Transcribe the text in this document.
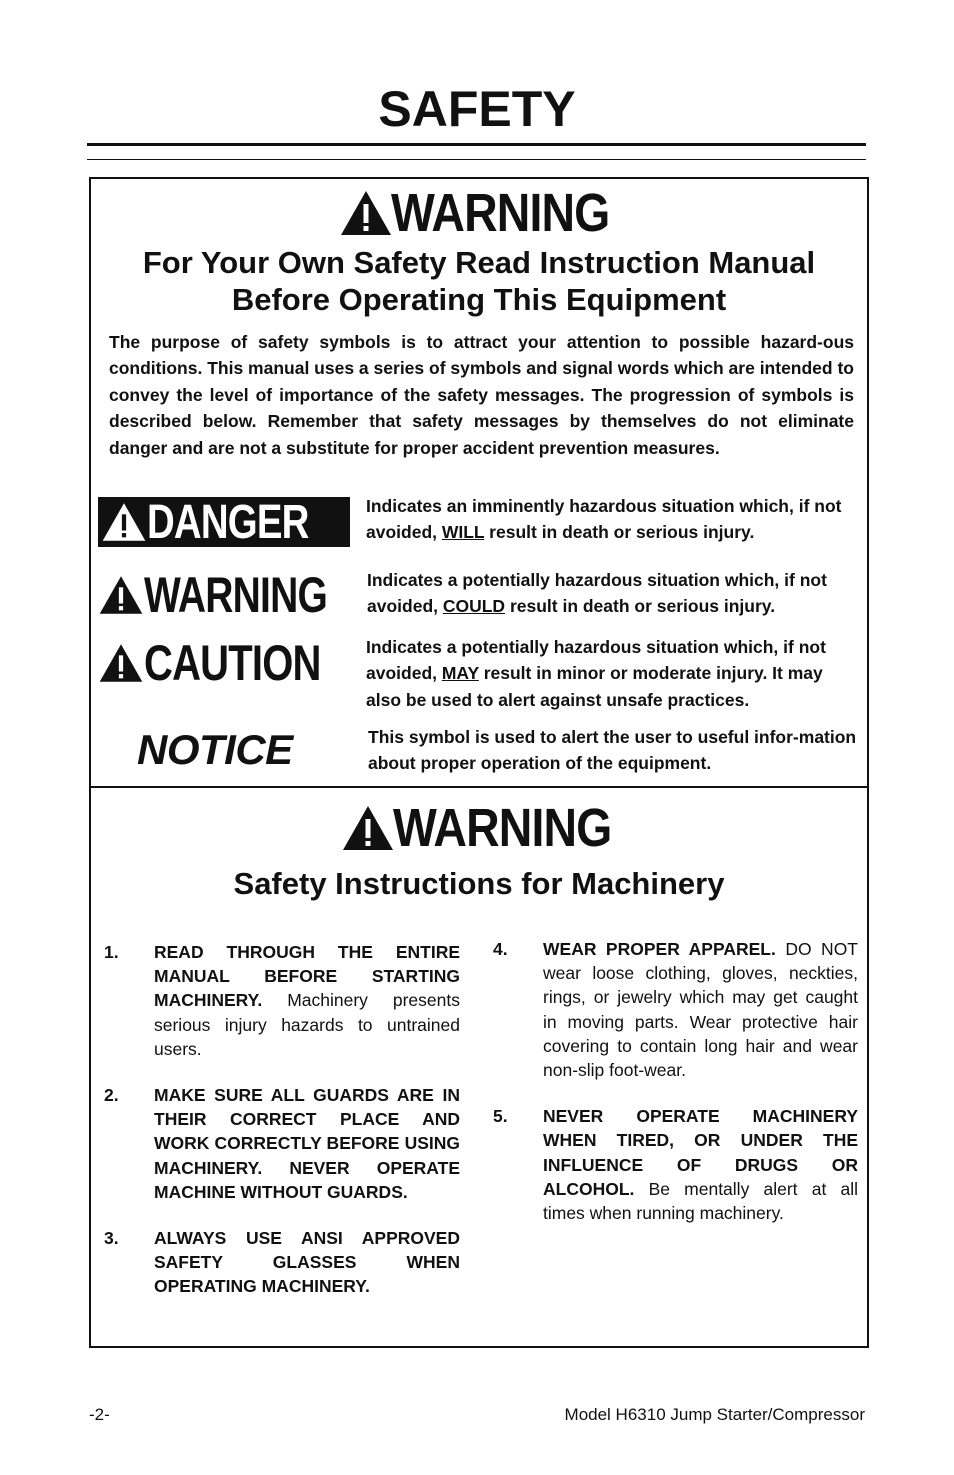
SAFETY
WARNING
For Your Own Safety Read Instruction Manual
Before Operating This Equipment

The purpose of safety symbols is to attract your attention to possible hazard-ous conditions. This manual uses a series of symbols and signal words which are intended to convey the level of importance of the safety messages. The progression of symbols is described below. Remember that safety messages by themselves do not eliminate danger and are not a substitute for proper accident prevention measures.

DANGER	Indicates an imminently hazardous situation which, if not avoided, WILL result in death or serious injury.

WARNING Indicates a potentially hazardous situation which, if not avoided, COULD result in death or serious injury.

CAUTION	Indicates a potentially hazardous situation which, if not avoided, MAY result in minor or moderate injury. It may also be used to alert against unsafe practices.

NOTICE	This symbol is used to alert the user to useful infor-mation about proper operation of the equipment.

WARNING
Safety Instructions for Machinery
1. READ THROUGH THE ENTIRE MANUAL BEFORE STARTING MACHINERY. Machinery presents serious injury hazards to untrained users.
2. MAKE SURE ALL GUARDS ARE IN THEIR CORRECT PLACE AND WORK CORRECTLY BEFORE USING MACHINERY. NEVER OPERATE MACHINE WITHOUT GUARDS.
3. ALWAYS USE ANSI APPROVED SAFETY GLASSES WHEN OPERATING MACHINERY.
4. WEAR PROPER APPAREL. DO NOT wear loose clothing, gloves, neckties, rings, or jewelry which may get caught in moving parts. Wear protective hair covering to contain long hair and wear non-slip foot-wear.
5. NEVER OPERATE MACHINERY WHEN TIRED, OR UNDER THE INFLUENCE OF DRUGS OR ALCOHOL. Be mentally alert at all times when running machinery.
-2-	Model H6310 Jump Starter/Compressor
